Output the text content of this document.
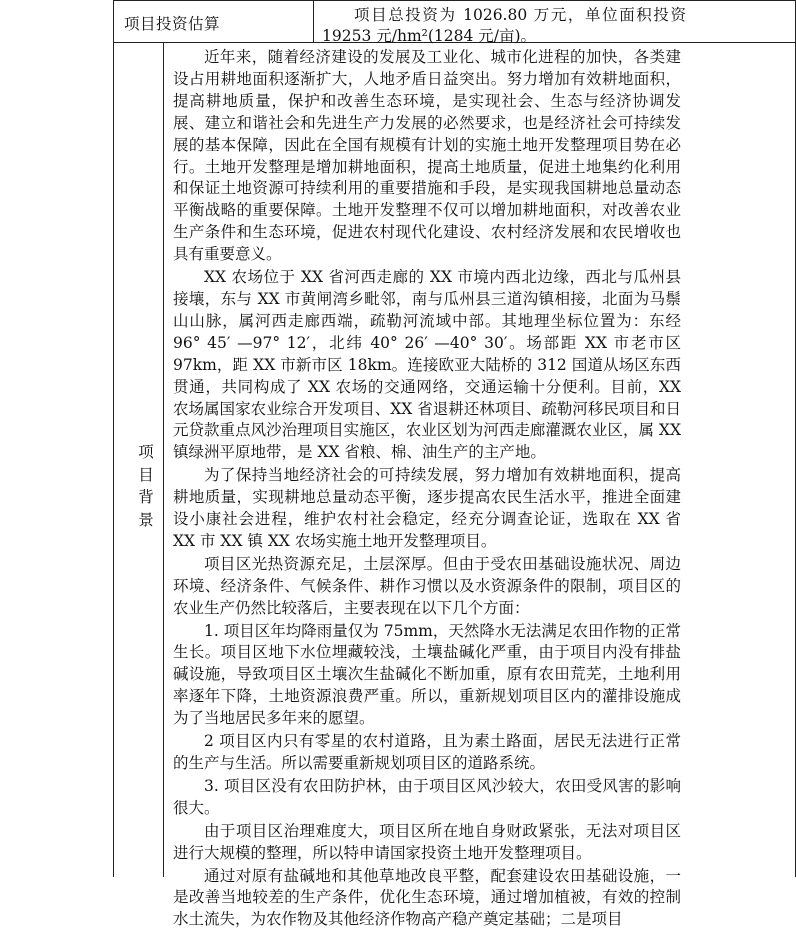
项目投资估算	项目总投资为 1026.80 万元，单位面积投资
19253 元/hm²(1284 元/亩)。
项
目
背
景

近年来，随着经济建设的发展及工业化、城市化进程的加快，各类建设占用耕地面积逐渐扩大，人地矛盾日益突出。努力增加有效耕地面积，提高耕地质量，保护和改善生态环境，是实现社会、生态与经济协调发展、建立和谐社会和先进生产力发展的必然要求，也是经济社会可持续发展的基本保障，因此在全国有规模有计划的实施土地开发整理项目势在必行。土地开发整理是增加耕地面积，提高土地质量，促进土地集约化利用和保证土地资源可持续利用的重要措施和手段，是实现我国耕地总量动态平衡战略的重要保障。土地开发整理不仅可以增加耕地面积，对改善农业生产条件和生态环境，促进农村现代化建设、农村经济发展和农民增收也具有重要意义。

XX 农场位于 XX 省河西走廊的 XX 市境内西北边缘，西北与瓜州县接壤，东与 XX 市黄闸湾乡毗邻，南与瓜州县三道沟镇相接，北面为马鬃山山脉，属河西走廊西端，疏勒河流域中部。其地理坐标位置为：东经 96° 45′ —97° 12′，北纬 40° 26′ —40° 30′。场部距 XX 市老市区 97km，距 XX 市新市区 18km。连接欧亚大陆桥的 312 国道从场区东西贯通，共同构成了 XX 农场的交通网络，交通运输十分便利。目前，XX 农场属国家农业综合开发项目、XX 省退耕还林项目、疏勒河移民项目和日元贷款重点风沙治理项目实施区，农业区划为河西走廊灌溉农业区，属 XX 镇绿洲平原地带，是 XX 省粮、棉、油生产的主产地。

为了保持当地经济社会的可持续发展，努力增加有效耕地面积，提高耕地质量，实现耕地总量动态平衡，逐步提高农民生活水平，推进全面建设小康社会进程，维护农村社会稳定，经充分调查论证，选取在 XX 省 XX 市 XX 镇 XX 农场实施土地开发整理项目。

项目区光热资源充足，土层深厚。但由于受农田基础设施状况、周边环境、经济条件、气候条件、耕作习惯以及水资源条件的限制，项目区的农业生产仍然比较落后，主要表现在以下几个方面：

1. 项目区年均降雨量仅为 75mm，天然降水无法满足农田作物的正常生长。项目区地下水位埋藏较浅，土壤盐碱化严重，由于项目内没有排盐碱设施，导致项目区土壤次生盐碱化不断加重，原有农田荒芜，土地利用率逐年下降，土地资源浪费严重。所以，重新规划项目区内的灌排设施成为了当地居民多年来的愿望。

2 项目区内只有零星的农村道路，且为素土路面，居民无法进行正常的生产与生活。所以需要重新规划项目区的道路系统。

3. 项目区没有农田防护林，由于项目区风沙较大，农田受风害的影响很大。

由于项目区治理难度大，项目区所在地自身财政紧张，无法对项目区进行大规模的整理，所以特申请国家投资土地开发整理项目。

通过对原有盐碱地和其他草地改良平整，配套建设农田基础设施，一是改善当地较差的生产条件，优化生态环境，通过增加植被，有效的控制水土流失，为农作物及其他经济作物高产稳产奠定基础；二是项目
